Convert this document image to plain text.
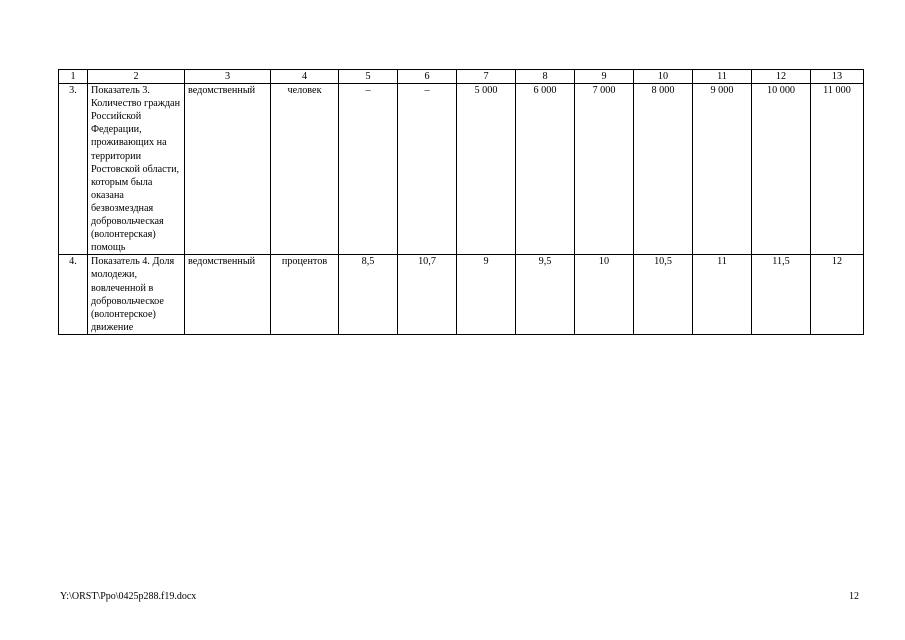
1	2	3	4	5	6	7	8	9	10	11	12	13
3.	Показатель 3. Количество граждан Российской Федерации, проживающих на территории Ростовской области, которым была оказана безвозмездная добровольческая (волонтерская) помощь	ведомственный	человек	–	–	5 000	6 000	7 000	8 000	9 000	10 000	11 000
4.	Показатель 4. Доля молодежи, вовлеченной в добровольческое (волонтерское) движение	ведомственный	процентов	8,5	10,7	9	9,5	10	10,5	11	11,5	12
Y:\ORST\Ppo\0425p288.f19.docx	12
